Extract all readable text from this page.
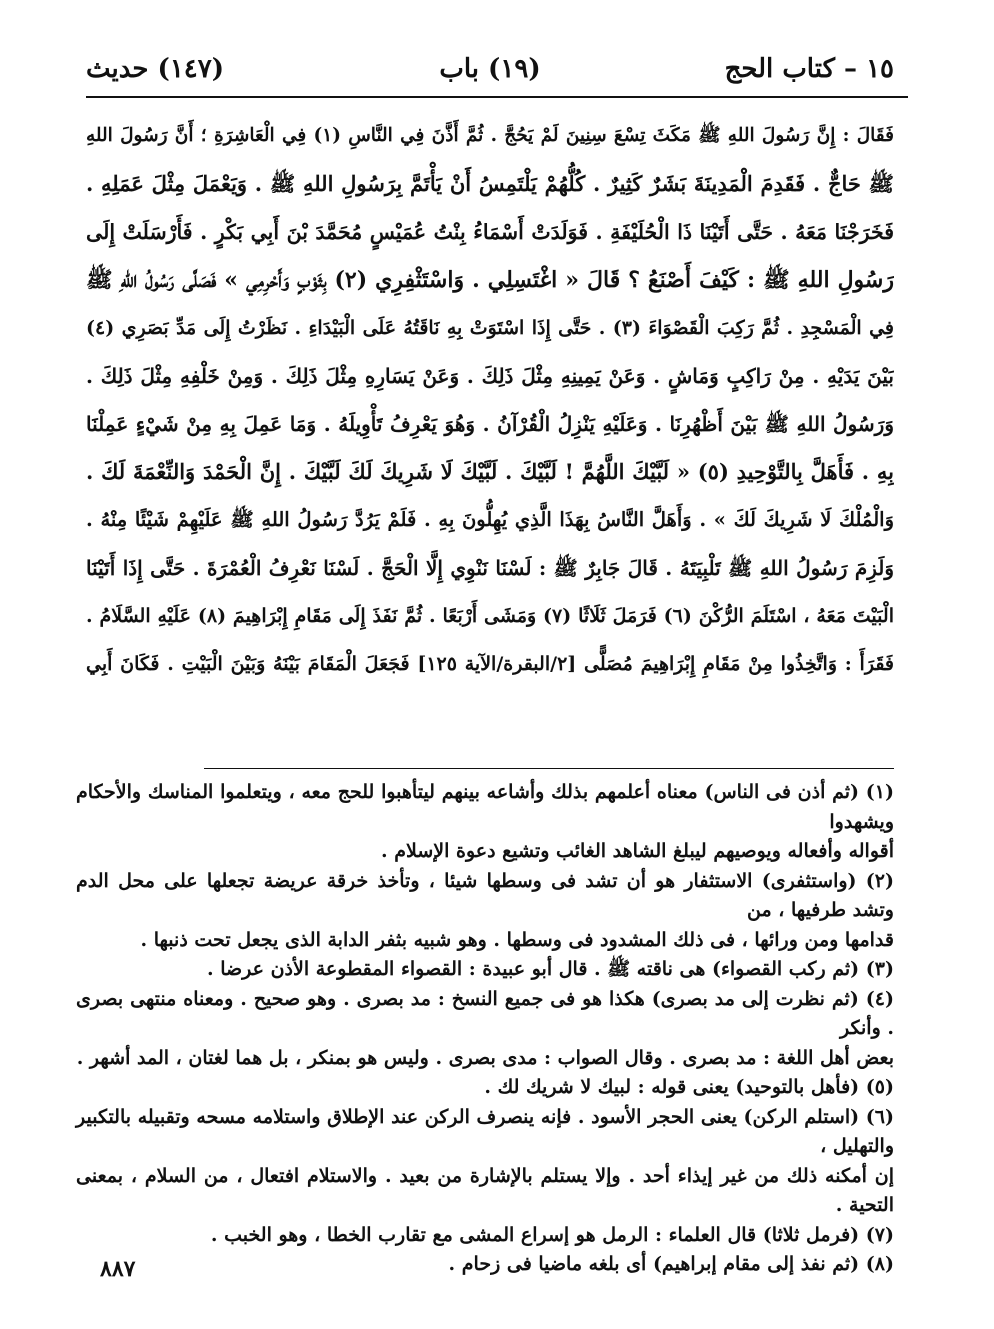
١٥ – كتاب الحج
(١٩) باب
(١٤٧) حديث
فَقَالَ : إِنَّ رَسُولَ اللهِ ﷺ مَكَثَ تِسْعَ سِنِينَ لَمْ يَحُجَّ . ثُمَّ أَذَّنَ فِي النَّاسِ (١) فِي الْعَاشِرَةِ ؛ أَنَّ رَسُولَ اللهِ
ﷺ حَاجٌّ . فَقَدِمَ الْمَدِينَةَ بَشَرٌ كَثِيرٌ . كُلُّهُمْ يَلْتَمِسُ أَنْ يَأْتَمَّ بِرَسُولِ اللهِ ﷺ . وَيَعْمَلَ مِثْلَ عَمَلِهِ .
فَخَرَجْنَا مَعَهُ . حَتَّى أَتَيْنَا ذَا الْحُلَيْفَةِ . فَوَلَدَتْ أَسْمَاءُ بِنْتُ عُمَيْسٍ مُحَمَّدَ بْنَ أَبِي بَكْرٍ . فَأَرْسَلَتْ إِلَى
رَسُولِ اللهِ ﷺ : كَيْفَ أَصْنَعُ ؟ قَالَ « اغْتَسِلِي . وَاسْتَثْفِرِي (٢) بِثَوْبٍ وَأَحْرِمِي » فَصَلَّى رَسُولُ اللهِ ﷺ
فِي الْمَسْجِدِ . ثُمَّ رَكِبَ الْقَصْوَاءَ (٣) . حَتَّى إِذَا اسْتَوَتْ بِهِ نَاقَتُهُ عَلَى الْبَيْدَاءِ . نَظَرْتُ إِلَى مَدِّ بَصَرِي (٤)
بَيْنَ يَدَيْهِ . مِنْ رَاكِبٍ وَمَاشٍ . وَعَنْ يَمِينِهِ مِثْلَ ذَلِكَ . وَعَنْ يَسَارِهِ مِثْلَ ذَلِكَ . وَمِنْ خَلْفِهِ مِثْلَ ذَلِكَ .
وَرَسُولُ اللهِ ﷺ بَيْنَ أَظْهُرِنَا . وَعَلَيْهِ يَنْزِلُ الْقُرْآنُ . وَهُوَ يَعْرِفُ تَأْوِيلَهُ . وَمَا عَمِلَ بِهِ مِنْ شَيْءٍ عَمِلْنَا
بِهِ . فَأَهَلَّ بِالتَّوْحِيدِ (٥) « لَبَّيْكَ اللَّهُمَّ ! لَبَّيْكَ . لَبَّيْكَ لَا شَرِيكَ لَكَ لَبَّيْكَ . إِنَّ الْحَمْدَ وَالنِّعْمَةَ لَكَ .
وَالْمُلْكَ لَا شَرِيكَ لَكَ » . وَأَهَلَّ النَّاسُ بِهَذَا الَّذِي يُهِلُّونَ بِهِ . فَلَمْ يَرُدَّ رَسُولُ اللهِ ﷺ عَلَيْهِمْ شَيْئًا مِنْهُ .
وَلَزِمَ رَسُولُ اللهِ ﷺ تَلْبِيَتَهُ . قَالَ جَابِرٌ ﷺ : لَسْنَا نَنْوِي إِلَّا الْحَجَّ . لَسْنَا نَعْرِفُ الْعُمْرَةَ . حَتَّى إِذَا أَتَيْنَا
الْبَيْتَ مَعَهُ ، اسْتَلَمَ الرُّكْنَ (٦) فَرَمَلَ ثَلَاثًا (٧) وَمَشَى أَرْبَعًا . ثُمَّ نَفَذَ إِلَى مَقَامِ إِبْرَاهِيمَ (٨) عَلَيْهِ السَّلَامُ .
فَقَرَأَ : وَاتَّخِذُوا مِنْ مَقَامِ إِبْرَاهِيمَ مُصَلًّى [٢/البقرة/الآية ١٢٥] فَجَعَلَ الْمَقَامَ بَيْنَهُ وَبَيْنَ الْبَيْتِ . فَكَانَ أَبِي
(١) (ثم أذن فى الناس) معناه أعلمهم بذلك وأشاعه بينهم ليتأهبوا للحج معه ، ويتعلموا المناسك والأحكام ويشهدوا
أقواله وأفعاله ويوصيهم ليبلغ الشاهد الغائب وتشيع دعوة الإسلام .
(٢) (واستثفرى) الاستثفار هو أن تشد فى وسطها شيئا ، وتأخذ خرقة عريضة تجعلها على محل الدم وتشد طرفيها ، من
قدامها ومن ورائها ، فى ذلك المشدود فى وسطها . وهو شبيه بثفر الدابة الذى يجعل تحت ذنبها .
(٣) (ثم ركب القصواء) هى ناقته ﷺ . قال أبو عبيدة : القصواء المقطوعة الأذن عرضا .
(٤) (ثم نظرت إلى مد بصرى) هكذا هو فى جميع النسخ : مد بصرى . وهو صحيح . ومعناه منتهى بصرى . وأنكر
بعض أهل اللغة : مد بصرى . وقال الصواب : مدى بصرى . وليس هو بمنكر ، بل هما لغتان ، المد أشهر .
(٥) (فأهل بالتوحيد) يعنى قوله : لبيك لا شريك لك .
(٦) (استلم الركن) يعنى الحجر الأسود . فإنه ينصرف الركن عند الإطلاق واستلامه مسحه وتقبيله بالتكبير والتهليل ،
إن أمكنه ذلك من غير إيذاء أحد . وإلا يستلم بالإشارة من بعيد . والاستلام افتعال ، من السلام ، بمعنى التحية .
(٧) (فرمل ثلاثا) قال العلماء : الرمل هو إسراع المشى مع تقارب الخطا ، وهو الخبب .
(٨) (ثم نفذ إلى مقام إبراهيم) أى بلغه ماضيا فى زحام .
٨٨٧
